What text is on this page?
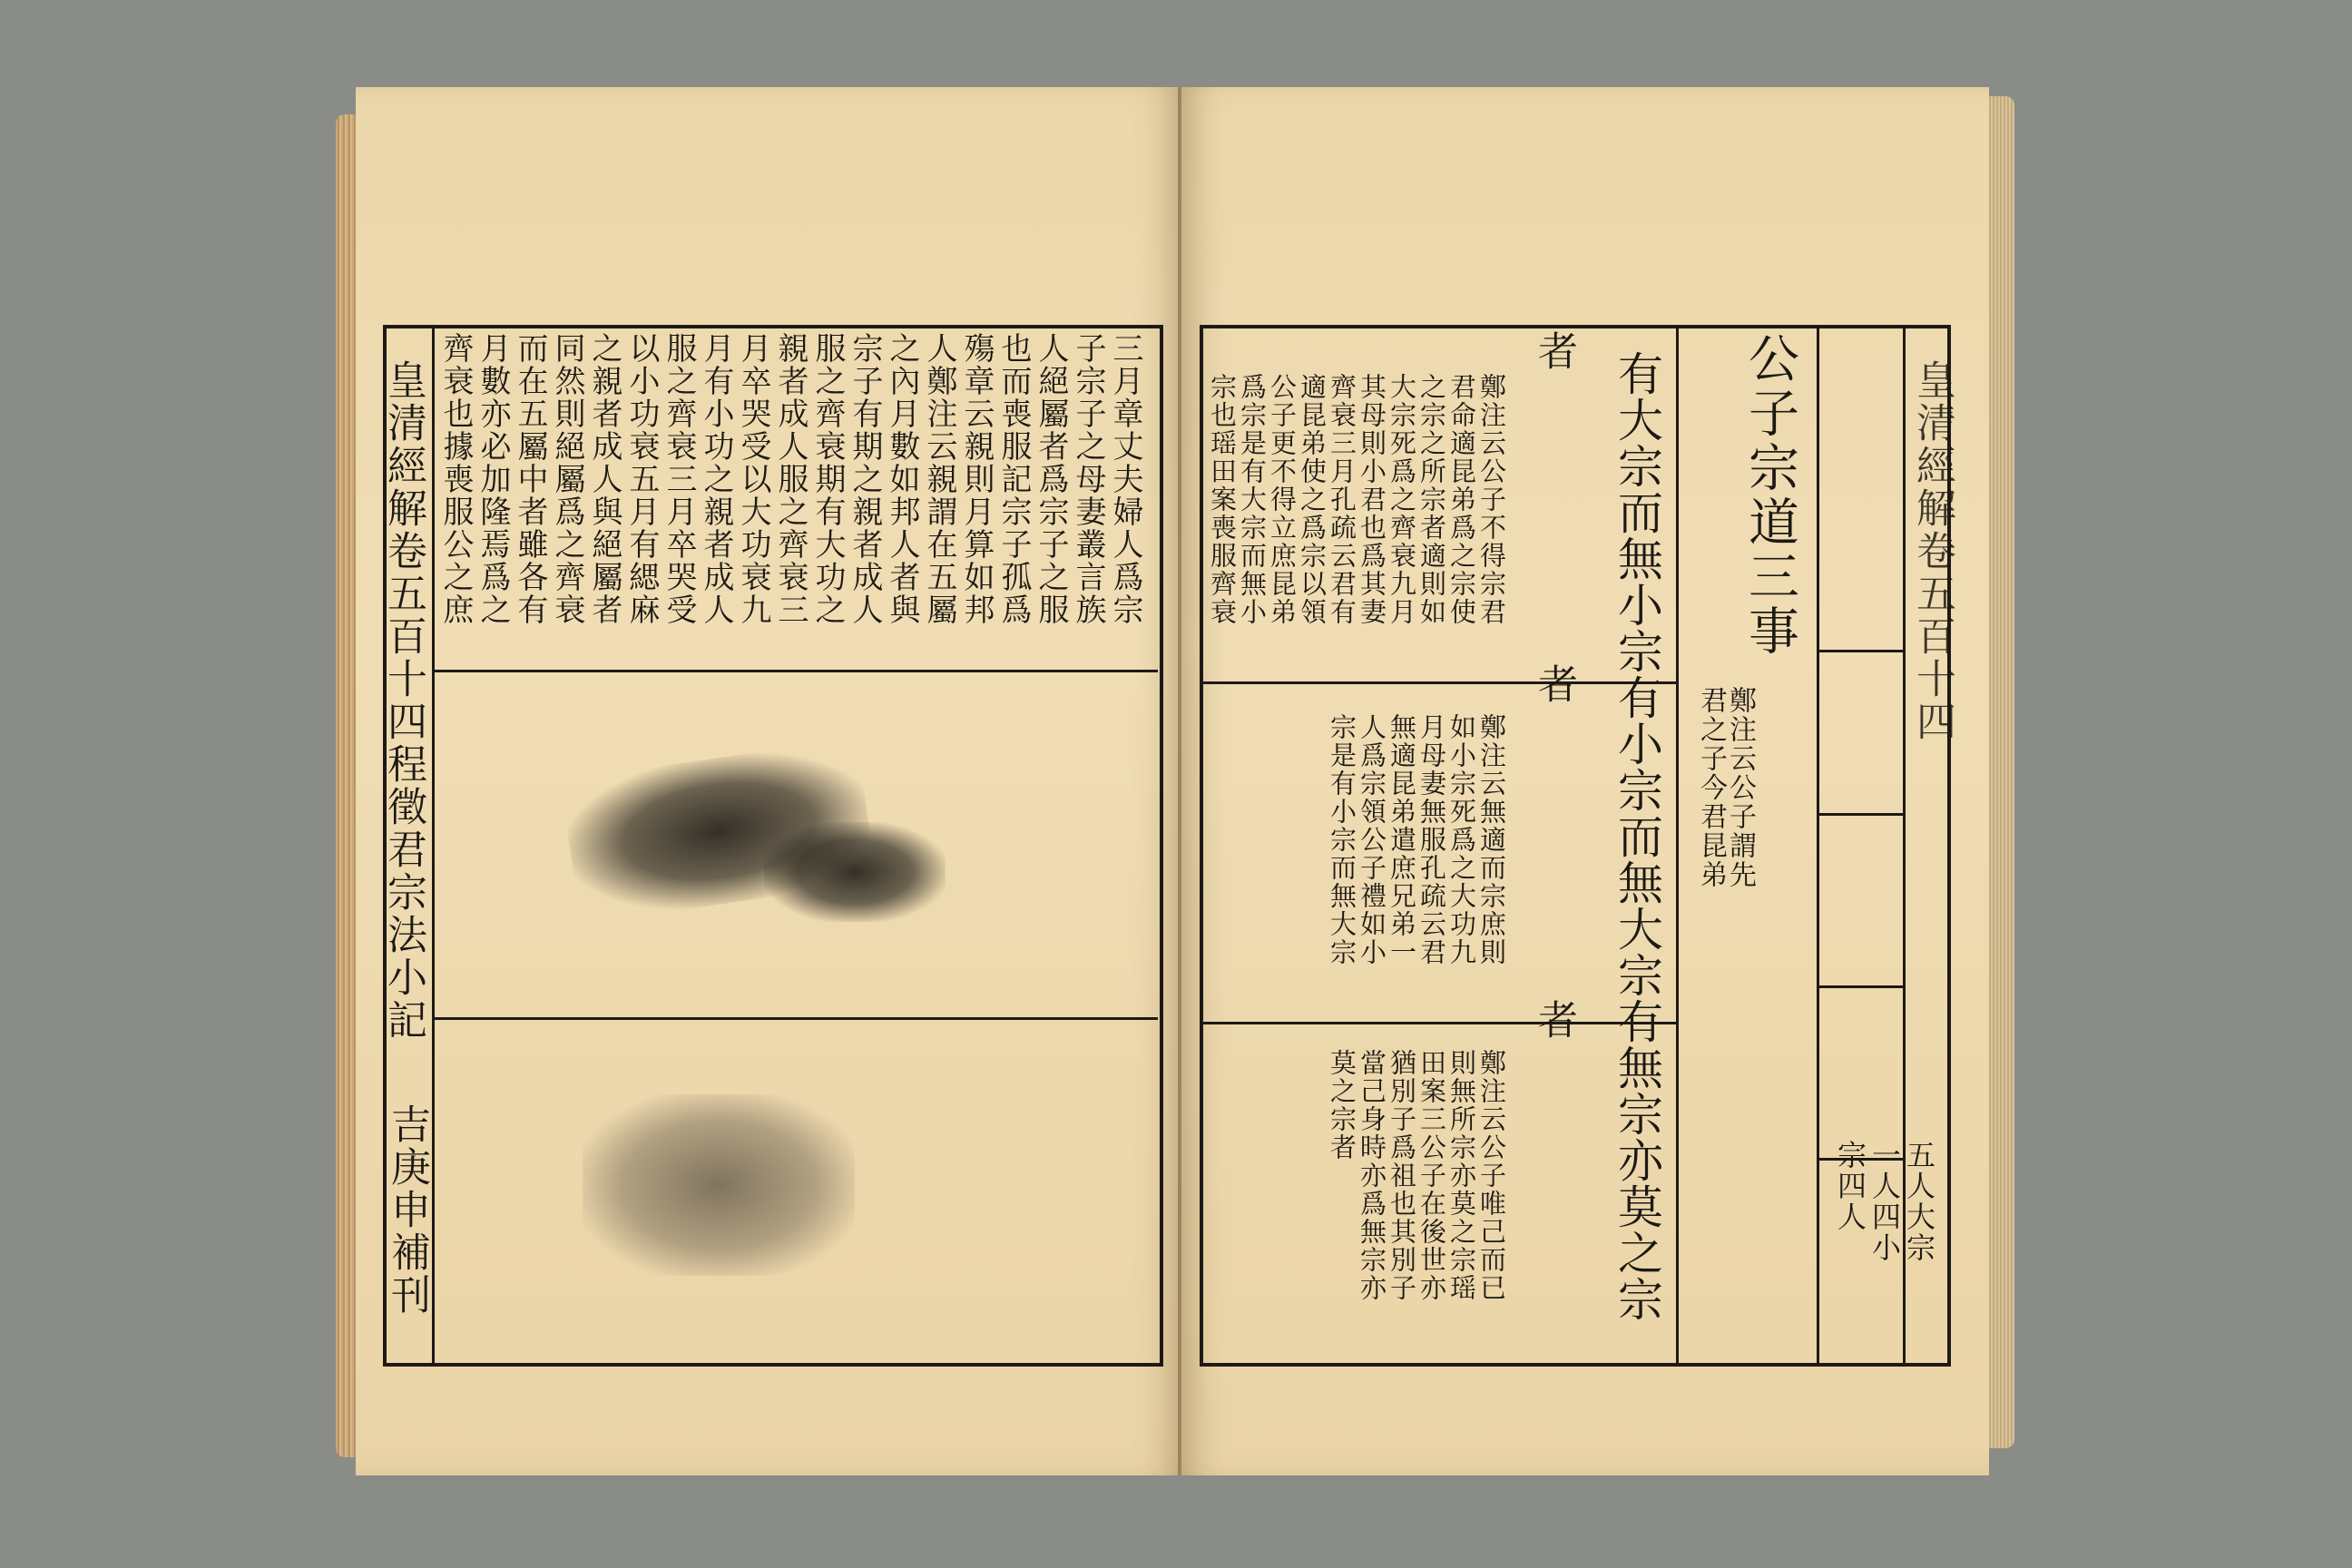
皇清經解卷五百十四程徵君宗法小記
吉庚申補刊
三月章丈夫婦人爲宗
子宗子之母妻叢言族
人絕屬者爲宗子之服
也而喪服記宗子孤爲
殤章云親則月算如邦
人鄭注云親謂在五屬
之內月數如邦人者與
宗子有期之親者成人
服之齊衰期有大功之
親者成人服之齊衰三
月卒哭受以大功衰九
月有小功之親者成人
服之齊衰三月卒哭受
以小功衰五月有緦麻
之親者成人與絕屬者
同然則絕屬爲之齊衰
而在五屬中者雖各有
月數亦必加隆焉爲之
齊衰也據喪服公之庶	皇清經解卷五百十四
公子宗道三事
鄭注云公子謂先
君之子今君昆弟
有大宗而無小宗有小宗而無大宗有無宗亦莫之宗
者
者
者
鄭注云公子不得宗君
君命適昆弟爲之宗使
之宗之所宗者適則如
大宗死爲之齊衰九月
其母則小君也爲其妻
齊衰三月孔疏云君有
適昆弟使之爲宗以領
公子更不得立庶昆弟
爲宗是有大宗而無小
宗也瑶田案喪服齊衰
鄭注云無適而宗庶則
如小宗死爲之大功九
月母妻無服孔疏云君
無適昆弟遣庶兄弟一
人爲宗領公子禮如小
宗是有小宗而無大宗
鄭注云公子唯己而已
則無所宗亦莫之宗瑶
田案三公子在後世亦
猶別子爲祖也其別子
當己身時亦爲無宗亦
莫之宗者
五人大宗
一人四小
宗四人
